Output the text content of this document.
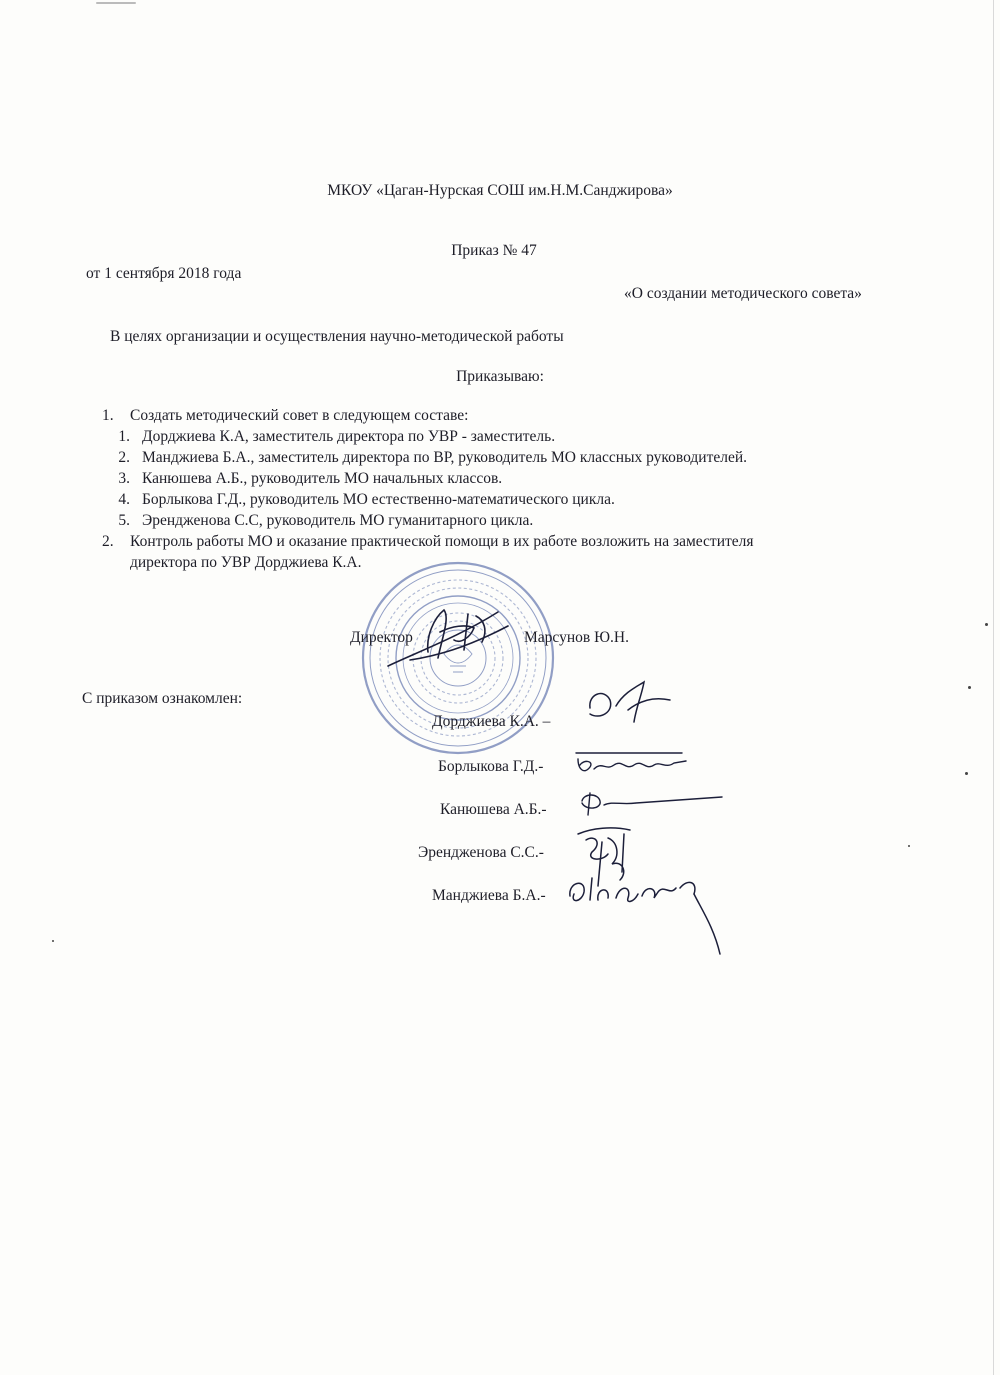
МКОУ «Цаган-Нурская СОШ им.Н.М.Санджирова»
Приказ № 47
от 1 сентября 2018 года
«О создании методического совета»
В целях организации и осуществления научно-методической работы
Приказываю:
1. Создать методический совет в следующем составе:
1. Дорджиева К.А, заместитель директора по УВР - заместитель.
2. Манджиева Б.А., заместитель директора по ВР, руководитель МО классных руководителей.
3. Канюшева А.Б., руководитель МО начальных классов.
4. Борлыкова Г.Д., руководитель МО естественно-математического цикла.
5. Эрендженова С.С, руководитель МО гуманитарного цикла.
2. Контроль работы МО и оказание практической помощи в их работе возложить на заместителя
директора по УВР Дорджиева К.А.
Директор	Марсунов Ю.Н.
С приказом ознакомлен:
Дорджиева К.А. –
Борлыкова Г.Д.-
Канюшева А.Б.-
Эрендженова С.С.-
Манджиева Б.А.-
